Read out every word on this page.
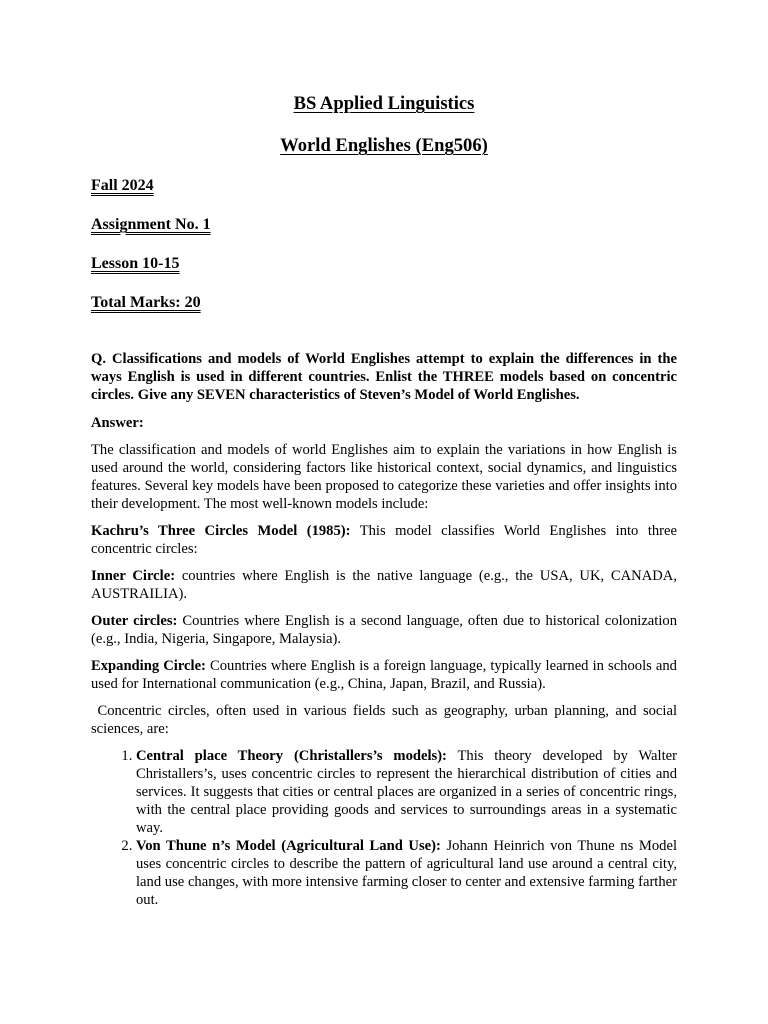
BS Applied Linguistics
World Englishes (Eng506)
Fall 2024
Assignment No. 1
Lesson 10-15
Total Marks: 20

Q. Classifications and models of World Englishes attempt to explain the differences in the ways English is used in different countries. Enlist the THREE models based on concentric circles. Give any SEVEN characteristics of Steven’s Model of World Englishes.

Answer:

The classification and models of world Englishes aim to explain the variations in how English is used around the world, considering factors like historical context, social dynamics, and linguistics features. Several key models have been proposed to categorize these varieties and offer insights into their development. The most well-known models include:

Kachru’s Three Circles Model (1985): This model classifies World Englishes into three concentric circles:

Inner Circle: countries where English is the native language (e.g., the USA, UK, CANADA, AUSTRAILIA).

Outer circles: Countries where English is a second language, often due to historical colonization (e.g., India, Nigeria, Singapore, Malaysia).

Expanding Circle: Countries where English is a foreign language, typically learned in schools and used for International communication (e.g., China, Japan, Brazil, and Russia).

Concentric circles, often used in various fields such as geography, urban planning, and social sciences, are:

1. Central place Theory (Christallers’s models): This theory developed by Walter Christallers’s, uses concentric circles to represent the hierarchical distribution of cities and services. It suggests that cities or central places are organized in a series of concentric rings, with the central place providing goods and services to surroundings areas in a systematic way.
2. Von Thune n’s Model (Agricultural Land Use): Johann Heinrich von Thune ns Model uses concentric circles to describe the pattern of agricultural land use around a central city, land use changes, with more intensive farming closer to center and extensive farming farther out.
